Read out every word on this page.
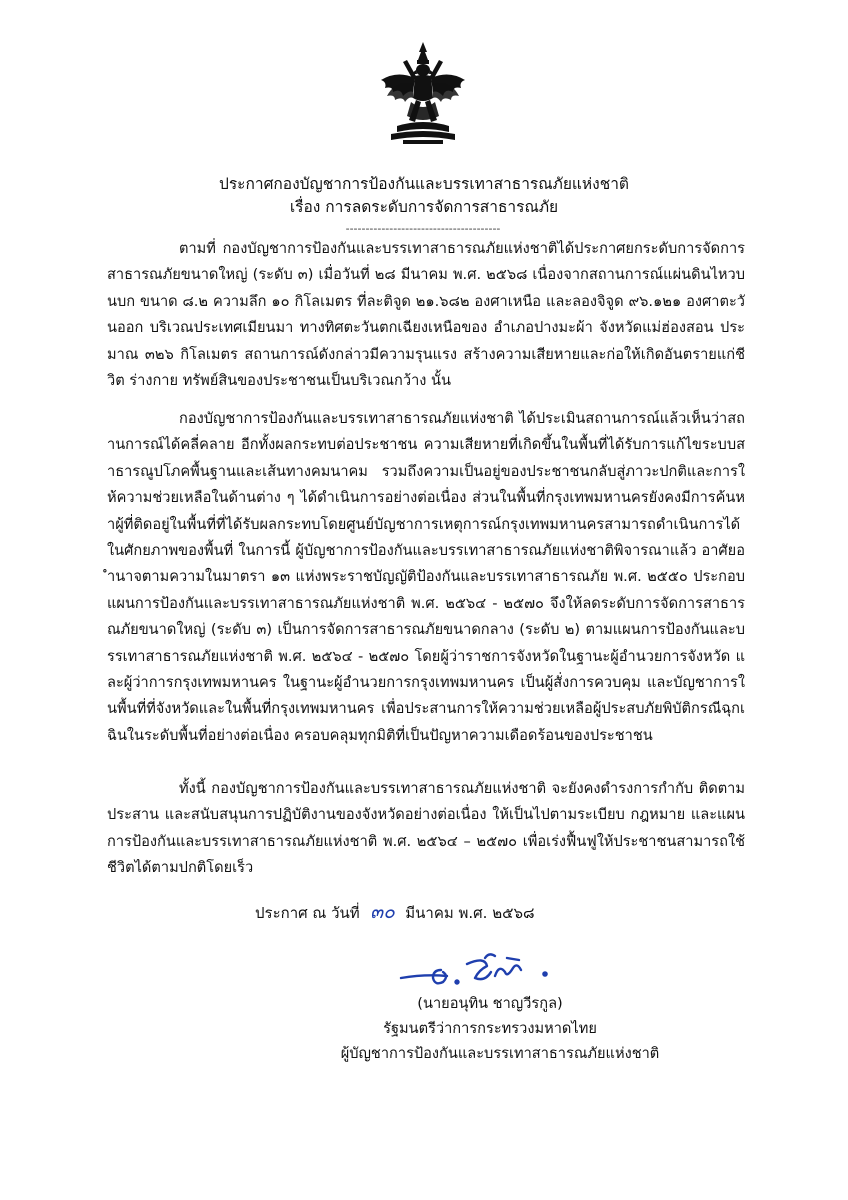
ประกาศกองบัญชาการป้องกันและบรรเทาสาธารณภัยแห่งชาติ
เรื่อง การลดระดับการจัดการสาธารณภัย
---------------------------------------
ตามที่ กองบัญชาการป้องกันและบรรเทาสาธารณภัยแห่งชาติได้ประกาศยกระดับการจัดการสาธารณภัยขนาดใหญ่ (ระดับ ๓) เมื่อวันที่ ๒๘ มีนาคม พ.ศ. ๒๕๖๘ เนื่องจากสถานการณ์แผ่นดินไหวบนบก ขนาด ๘.๒ ความลึก ๑๐ กิโลเมตร ที่ละติจูด ๒๑.๖๘๒ องศาเหนือ และลองจิจูด ๙๖.๑๒๑ องศาตะวันออก บริเวณประเทศเมียนมา ทางทิศตะวันตกเฉียงเหนือของ อำเภอปางมะผ้า จังหวัดแม่ฮ่องสอน ประมาณ ๓๒๖ กิโลเมตร สถานการณ์ดังกล่าวมีความรุนแรง สร้างความเสียหายและก่อให้เกิดอันตรายแก่ชีวิต ร่างกาย ทรัพย์สินของประชาชนเป็นบริเวณกว้าง นั้น
กองบัญชาการป้องกันและบรรเทาสาธารณภัยแห่งชาติ ได้ประเมินสถานการณ์แล้วเห็นว่าสถานการณ์ได้คลี่คลาย อีกทั้งผลกระทบต่อประชาชน ความเสียหายที่เกิดขึ้นในพื้นที่ได้รับการแก้ไขระบบสาธารณูปโภคพื้นฐานและเส้นทางคมนาคม รวมถึงความเป็นอยู่ของประชาชนกลับสู่ภาวะปกติและการให้ความช่วยเหลือในด้านต่าง ๆ ได้ดำเนินการอย่างต่อเนื่อง ส่วนในพื้นที่กรุงเทพมหานครยังคงมีการค้นหาผู้ที่ติดอยู่ในพื้นที่ที่ได้รับผลกระทบโดยศูนย์บัญชาการเหตุการณ์กรุงเทพมหานครสามารถดำเนินการได้ในศักยภาพของพื้นที่ ในการนี้ ผู้บัญชาการป้องกันและบรรเทาสาธารณภัยแห่งชาติพิจารณาแล้ว อาศัยอำนาจตามความในมาตรา ๑๓ แห่งพระราชบัญญัติป้องกันและบรรเทาสาธารณภัย พ.ศ. ๒๕๕๐ ประกอบแผนการป้องกันและบรรเทาสาธารณภัยแห่งชาติ พ.ศ. ๒๕๖๔ - ๒๕๗๐ จึงให้ลดระดับการจัดการสาธารณภัยขนาดใหญ่ (ระดับ ๓) เป็นการจัดการสาธารณภัยขนาดกลาง (ระดับ ๒) ตามแผนการป้องกันและบรรเทาสาธารณภัยแห่งชาติ พ.ศ. ๒๕๖๔ - ๒๕๗๐ โดยผู้ว่าราชการจังหวัดในฐานะผู้อำนวยการจังหวัด และผู้ว่าการกรุงเทพมหานคร ในฐานะผู้อำนวยการกรุงเทพมหานคร เป็นผู้สั่งการควบคุม และบัญชาการในพื้นที่ที่จังหวัดและในพื้นที่กรุงเทพมหานคร เพื่อประสานการให้ความช่วยเหลือผู้ประสบภัยพิบัติกรณีฉุกเฉินในระดับพื้นที่อย่างต่อเนื่อง ครอบคลุมทุกมิติที่เป็นปัญหาความเดือดร้อนของประชาชน
ทั้งนี้ กองบัญชาการป้องกันและบรรเทาสาธารณภัยแห่งชาติ จะยังคงดำรงการกำกับ ติดตาม ประสาน และสนับสนุนการปฏิบัติงานของจังหวัดอย่างต่อเนื่อง ให้เป็นไปตามระเบียบ กฎหมาย และแผนการป้องกันและบรรเทาสาธารณภัยแห่งชาติ พ.ศ. ๒๕๖๔ – ๒๕๗๐ เพื่อเร่งฟื้นฟูให้ประชาชนสามารถใช้ชีวิตได้ตามปกติโดยเร็ว
ประกาศ ณ วันที่ ๓๐ มีนาคม พ.ศ. ๒๕๖๘
(นายอนุทิน ชาญวีรกูล)
รัฐมนตรีว่าการกระทรวงมหาดไทย
ผู้บัญชาการป้องกันและบรรเทาสาธารณภัยแห่งชาติ
